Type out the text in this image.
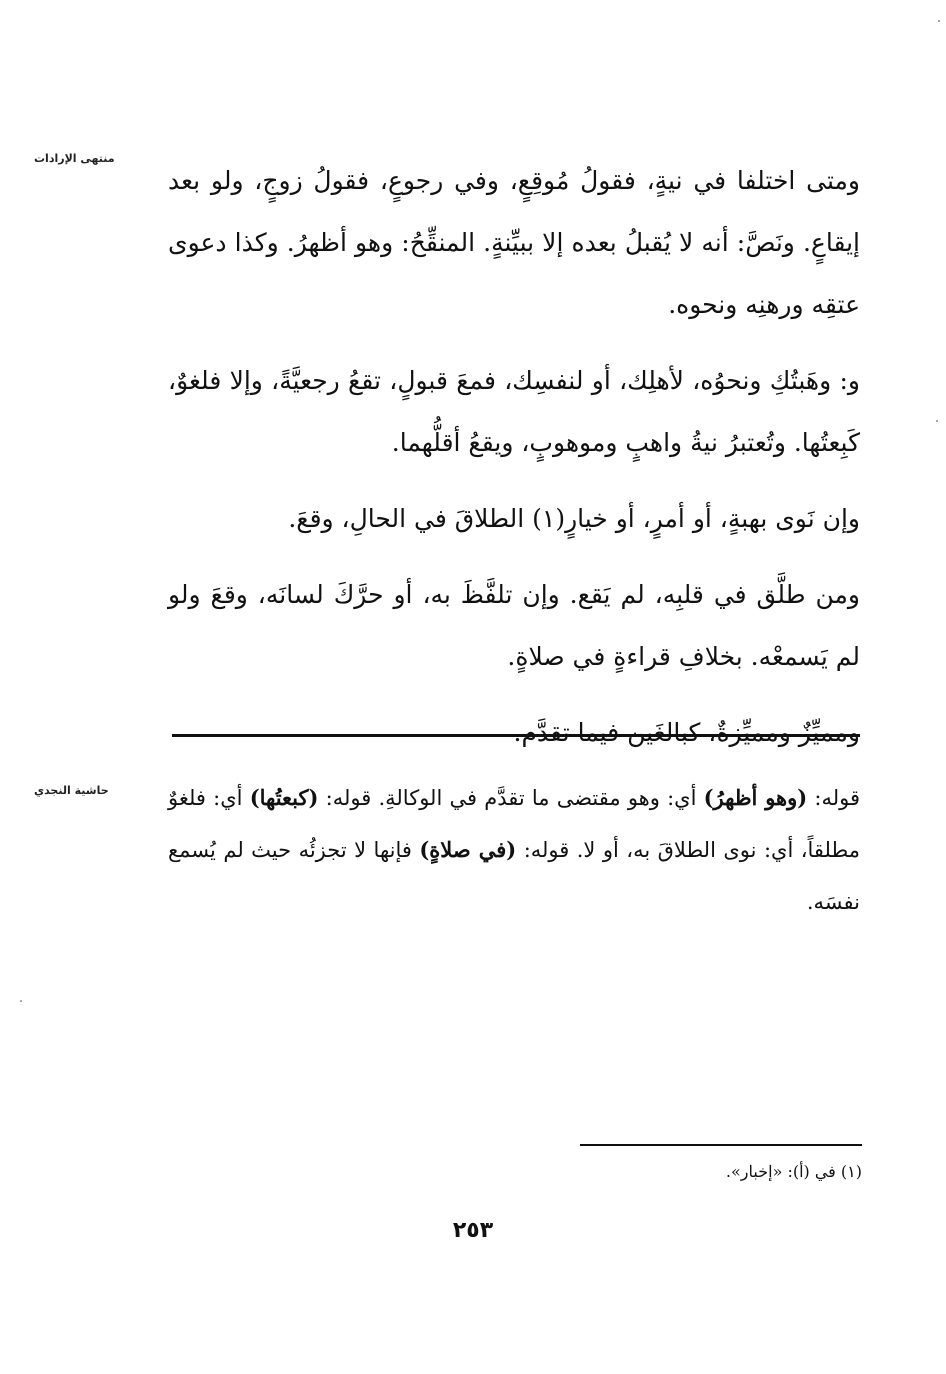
منتهى الإرادات

ومتى اختلفا في نيةٍ، فقولُ مُوقِعٍ، وفي رجوعٍ، فقولُ زوجٍ، ولو بعد إيقاعٍ. ونَصَّ: أنه لا يُقبلُ بعده إلا ببيِّنةٍ. المنقِّحُ: وهو أظهرُ. وكذا دعوى عتقِه ورهنِه ونحوه.

و: وهَبتُكِ ونحوُه، لأهلِك، أو لنفسِك، فمعَ قبولٍ، تقعُ رجعيَّةً، وإلا فلغوٌ، كَبِعتُها. وتُعتبرُ نيةُ واهبٍ وموهوبٍ، ويقعُ أقلُّهما.

وإن نَوى بهبةٍ، أو أمرٍ، أو خيارٍ(١) الطلاقَ في الحالِ، وقعَ.

ومن طلَّق في قلبِه، لم يَقع. وإن تلفَّظَ به، أو حرَّكَ لسانَه، وقعَ ولو لم يَسمعْه. بخلافِ قراءةٍ في صلاةٍ.

ومميِّزٌ ومميِّزةٌ، كبالغَين فيما تقدَّم.

حاشية النجدي	قوله: (وهو أظهرُ) أي: وهو مقتضى ما تقدَّم في الوكالةِ. قوله: (كبعتُها) أي: فلغوٌ مطلقاً، أي: نوى الطلاقَ به، أو لا. قوله: (في صلاةٍ) فإنها لا تجزئُه حيث لم يُسمع نفسَه.

(١) في (أ): «إخبار».
٢٥٣
